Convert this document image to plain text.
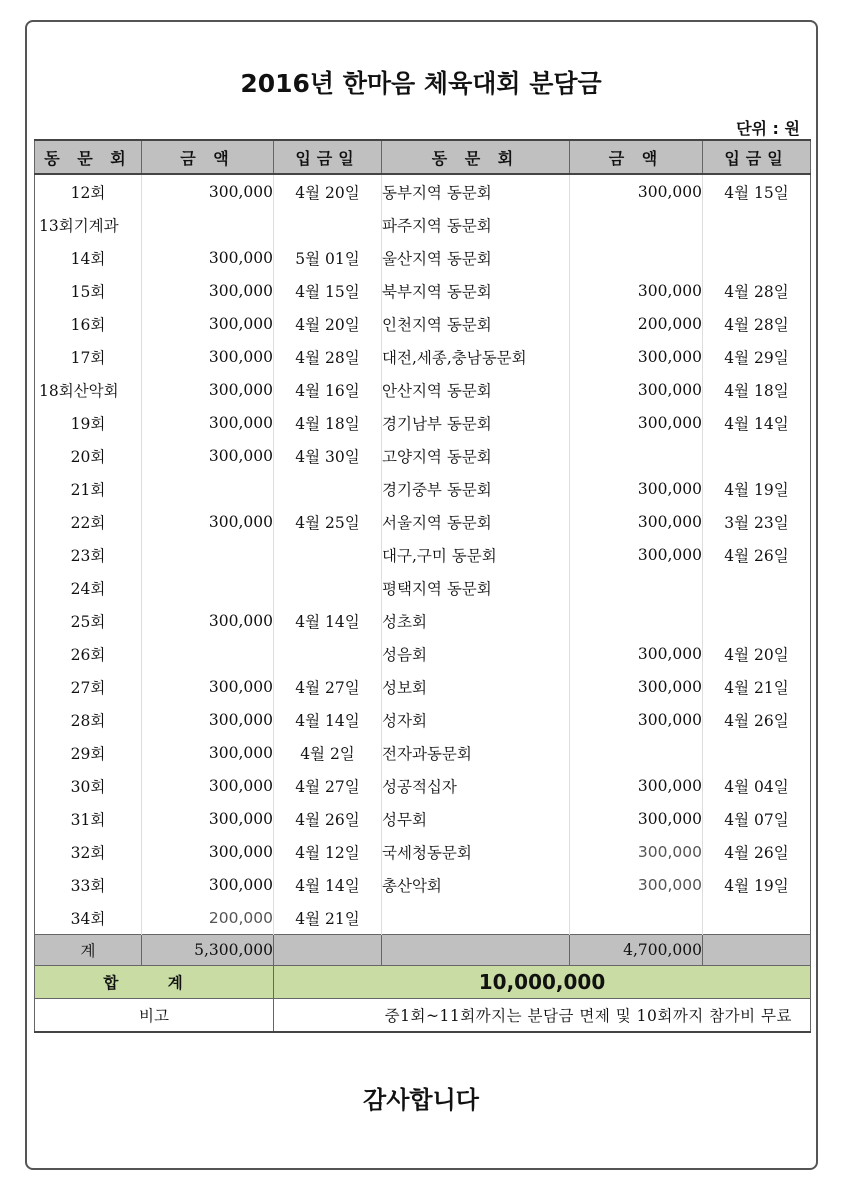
2016년 한마음 체육대회 분담금
단위 : 원
동 문 회	금 액	입금일	동 문 회	금 액	입금일
12회	300,000	4월 20일	동부지역 동문회	300,000	4월 15일
13회기계과			파주지역 동문회		
14회	300,000	5월 01일	울산지역 동문회		
15회	300,000	4월 15일	북부지역 동문회	300,000	4월 28일
16회	300,000	4월 20일	인천지역 동문회	200,000	4월 28일
17회	300,000	4월 28일	대전,세종,충남동문회	300,000	4월 29일
18회산악회	300,000	4월 16일	안산지역 동문회	300,000	4월 18일
19회	300,000	4월 18일	경기남부 동문회	300,000	4월 14일
20회	300,000	4월 30일	고양지역 동문회		
21회			경기중부 동문회	300,000	4월 19일
22회	300,000	4월 25일	서울지역 동문회	300,000	3월 23일
23회			대구,구미 동문회	300,000	4월 26일
24회			평택지역 동문회		
25회	300,000	4월 14일	성초회		
26회			성음회	300,000	4월 20일
27회	300,000	4월 27일	성보회	300,000	4월 21일
28회	300,000	4월 14일	성자회	300,000	4월 26일
29회	300,000	4월 2일	전자과동문회		
30회	300,000	4월 27일	성공적십자	300,000	4월 04일
31회	300,000	4월 26일	성무회	300,000	4월 07일
32회	300,000	4월 12일	국세청동문회	300,000	4월 26일
33회	300,000	4월 14일	총산악회	300,000	4월 19일
34회	200,000	4월 21일			
계	5,300,000			4,700,000	
합 계		10,000,000			
비고		중1회~11회까지는 분담금 면제 및 10회까지 참가비 무료			
감사합니다
